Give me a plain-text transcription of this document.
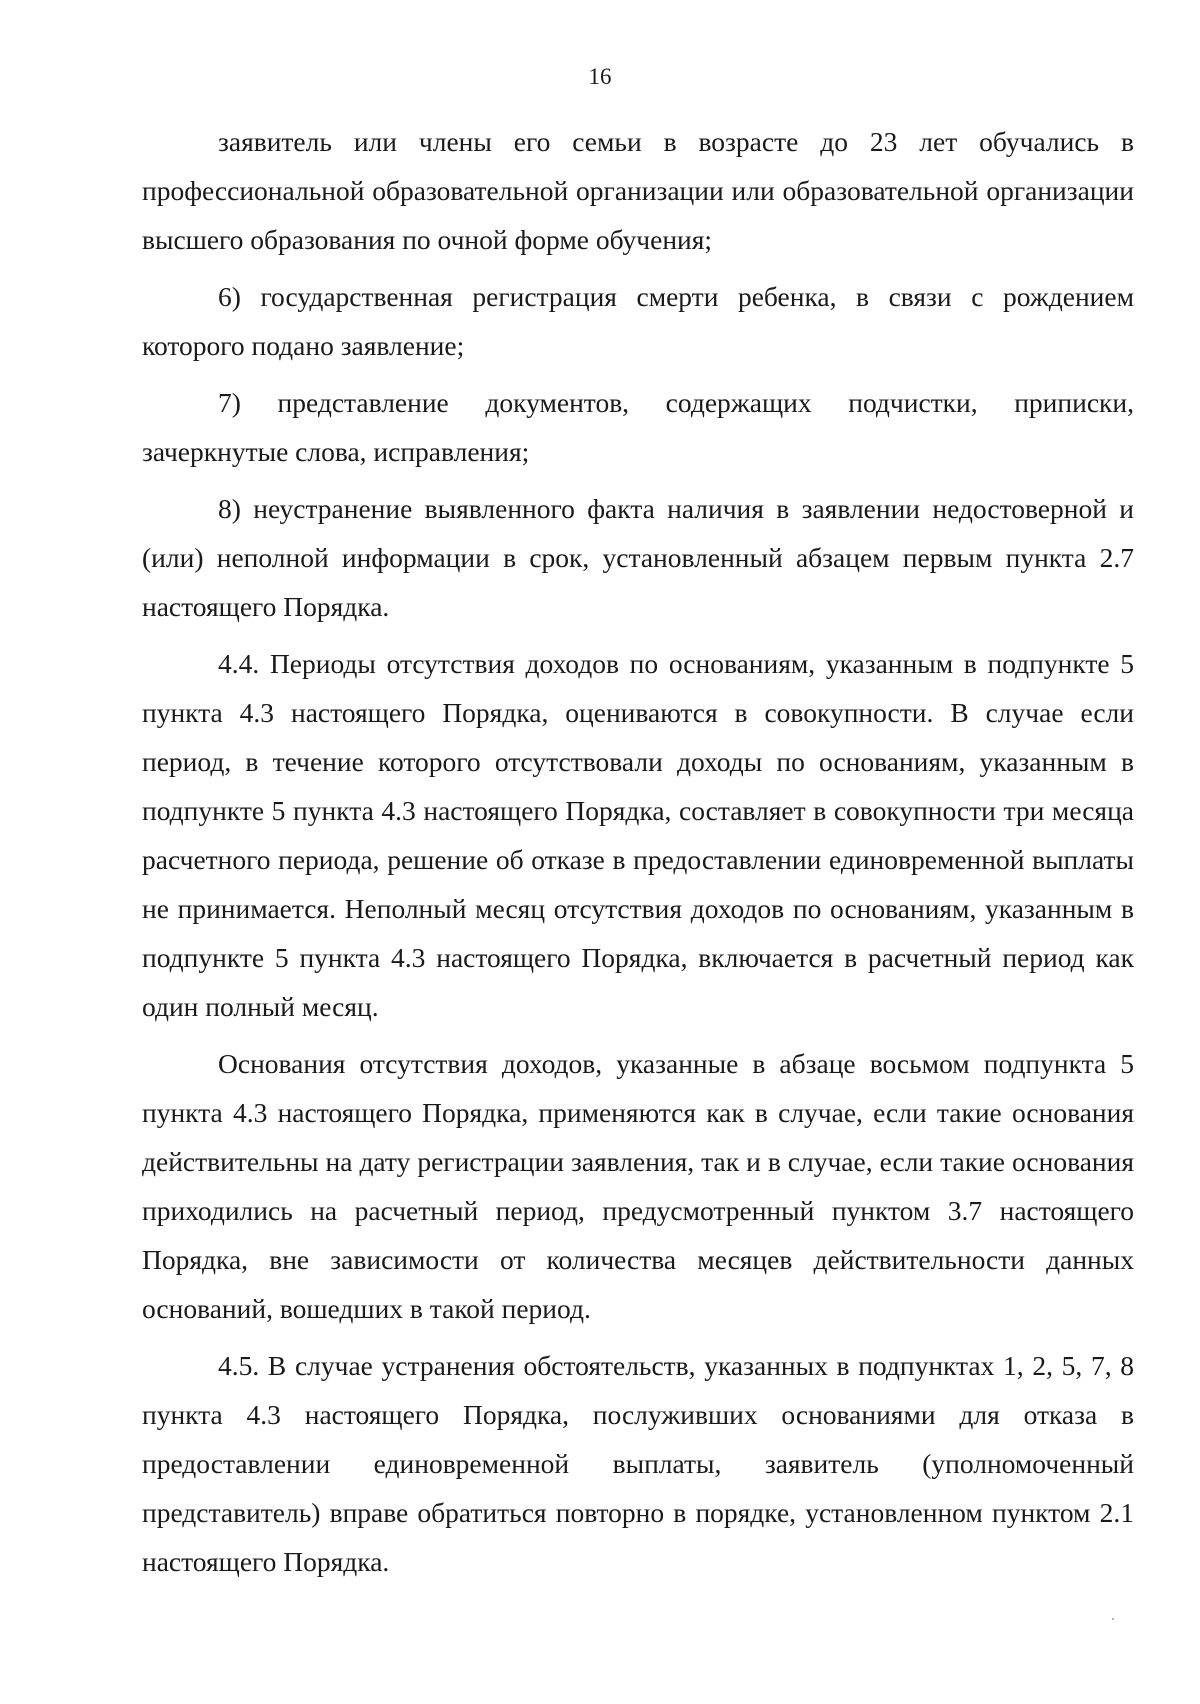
16

заявитель или члены его семьи в возрасте до 23 лет обучались в профессиональной образовательной организации или образовательной организации высшего образования по очной форме обучения;

6) государственная регистрация смерти ребенка, в связи с рождением которого подано заявление;

7) представление документов, содержащих подчистки, приписки, зачеркнутые слова, исправления;

8) неустранение выявленного факта наличия в заявлении недостоверной и (или) неполной информации в срок, установленный абзацем первым пункта 2.7 настоящего Порядка.

4.4. Периоды отсутствия доходов по основаниям, указанным в подпункте 5 пункта 4.3 настоящего Порядка, оцениваются в совокупности. В случае если период, в течение которого отсутствовали доходы по основаниям, указанным в подпункте 5 пункта 4.3 настоящего Порядка, составляет в совокупности три месяца расчетного периода, решение об отказе в предоставлении единовременной выплаты не принимается. Неполный месяц отсутствия доходов по основаниям, указанным в подпункте 5 пункта 4.3 настоящего Порядка, включается в расчетный период как один полный месяц.

Основания отсутствия доходов, указанные в абзаце восьмом подпункта 5 пункта 4.3 настоящего Порядка, применяются как в случае, если такие основания действительны на дату регистрации заявления, так и в случае, если такие основания приходились на расчетный период, предусмотренный пунктом 3.7 настоящего Порядка, вне зависимости от количества месяцев действительности данных оснований, вошедших в такой период.

4.5. В случае устранения обстоятельств, указанных в подпунктах 1, 2, 5, 7, 8 пункта 4.3 настоящего Порядка, послуживших основаниями для отказа в предоставлении единовременной выплаты, заявитель (уполномоченный представитель) вправе обратиться повторно в порядке, установленном пунктом 2.1 настоящего Порядка.
